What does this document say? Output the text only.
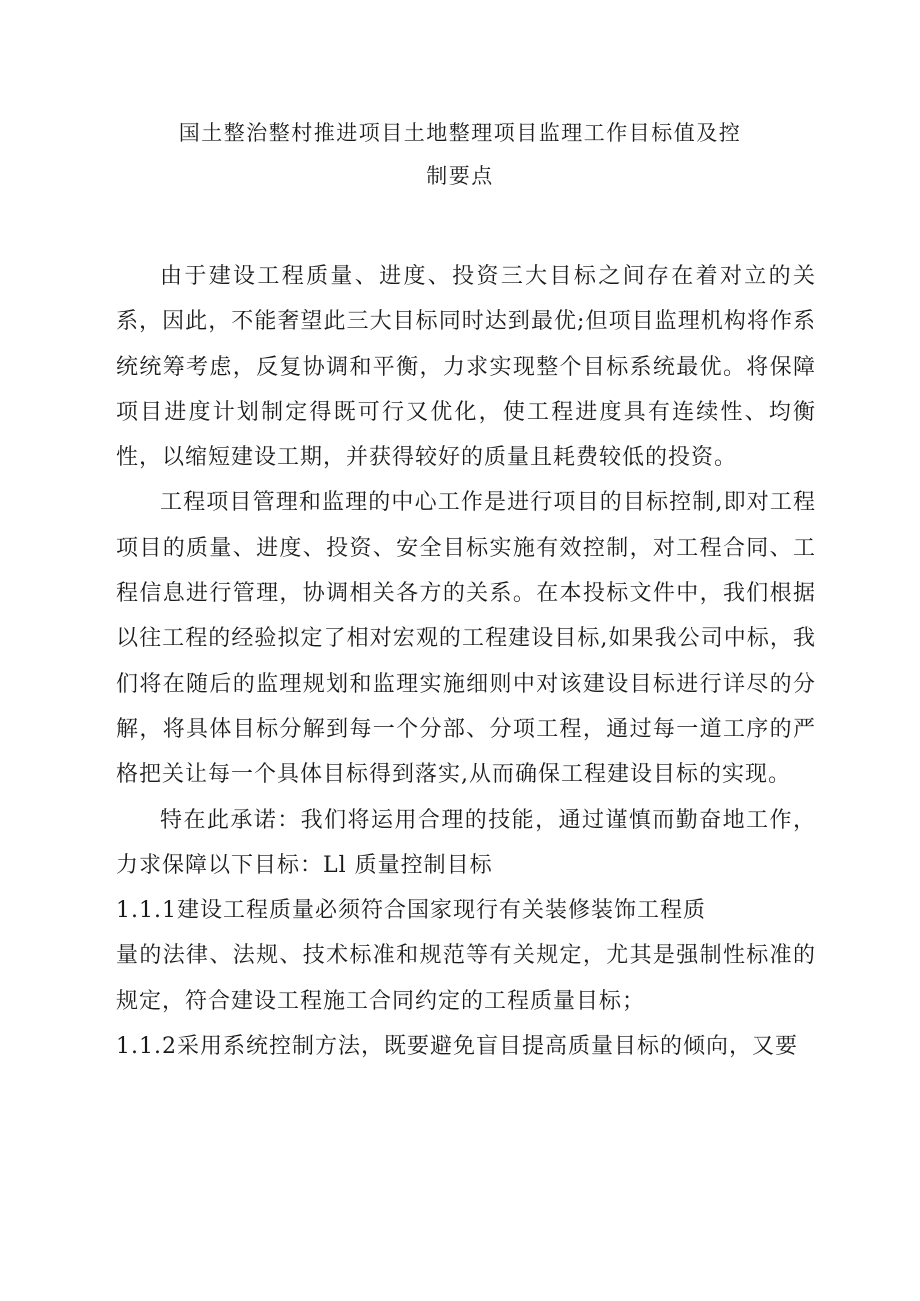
国土整治整村推进项目土地整理项目监理工作目标值及控
制要点

由于建设工程质量、进度、投资三大目标之间存在着对立的关系，因此，不能奢望此三大目标同时达到最优;但项目监理机构将作系统统筹考虑，反复协调和平衡，力求实现整个目标系统最优。将保障项目进度计划制定得既可行又优化，使工程进度具有连续性、均衡性，以缩短建设工期，并获得较好的质量且耗费较低的投资。

工程项目管理和监理的中心工作是进行项目的目标控制,即对工程项目的质量、进度、投资、安全目标实施有效控制，对工程合同、工程信息进行管理，协调相关各方的关系。在本投标文件中，我们根据以往工程的经验拟定了相对宏观的工程建设目标,如果我公司中标，我们将在随后的监理规划和监理实施细则中对该建设目标进行详尽的分解，将具体目标分解到每一个分部、分项工程，通过每一道工序的严格把关让每一个具体目标得到落实,从而确保工程建设目标的实现。

特在此承诺：我们将运用合理的技能，通过谨慎而勤奋地工作，力求保障以下目标：Ll 质量控制目标

1.1.1建设工程质量必须符合国家现行有关装修装饰工程质

量的法律、法规、技术标准和规范等有关规定，尤其是强制性标准的规定，符合建设工程施工合同约定的工程质量目标；

1.1.2采用系统控制方法，既要避免盲目提高质量目标的倾向，又要
